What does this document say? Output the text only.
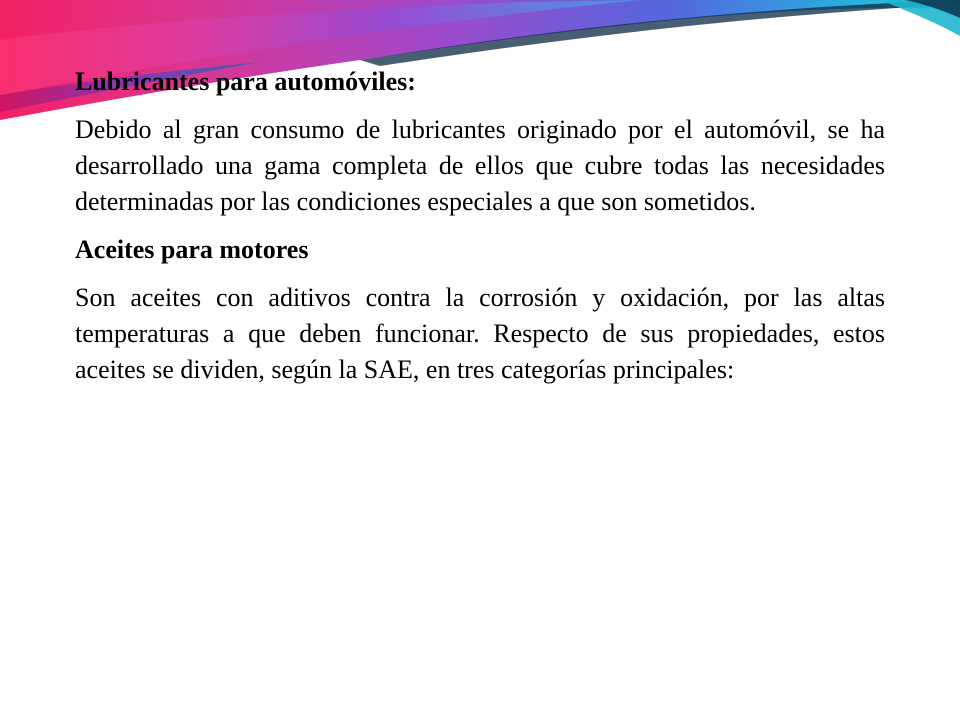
Lubricantes para automóviles:

Debido al gran consumo de lubricantes originado por el automóvil, se ha desarrollado una gama completa de ellos que cubre todas las necesidades determinadas por las condiciones especiales a que son sometidos.

Aceites para motores

Son aceites con aditivos contra la corrosión y oxidación, por las altas temperaturas a que deben funcionar. Respecto de sus propiedades, estos aceites se dividen, según la SAE, en tres categorías principales:
